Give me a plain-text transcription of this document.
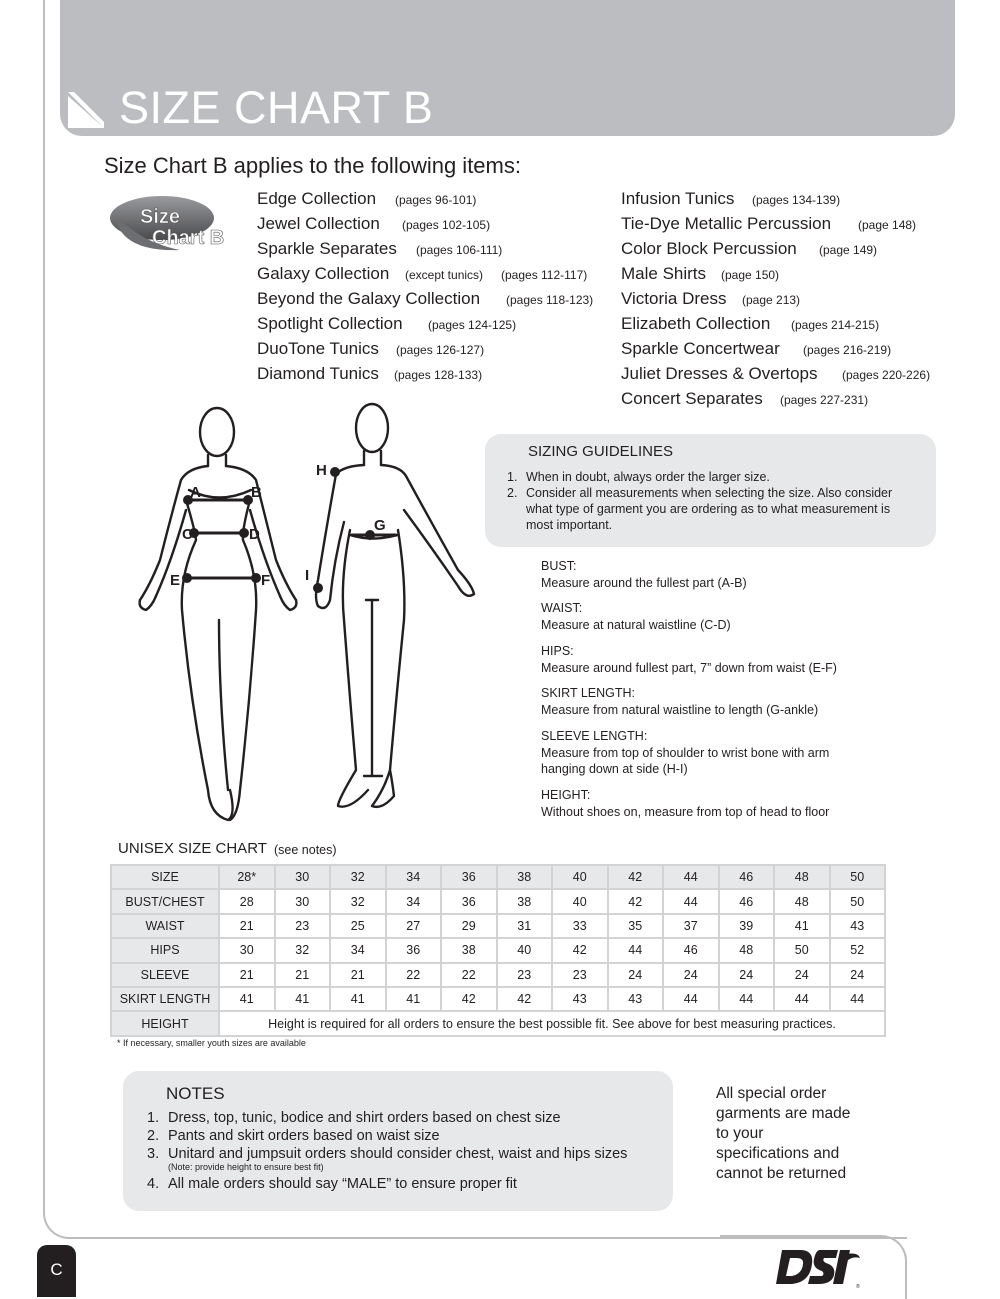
SIZE CHART B
Size Chart B applies to the following items:
Size
Chart B
Edge Collection (pages 96-101)
Jewel Collection (pages 102-105)
Sparkle Separates (pages 106-111)
Galaxy Collection (except tunics) (pages 112-117)
Beyond the Galaxy Collection (pages 118-123)
Spotlight Collection (pages 124-125)
DuoTone Tunics (pages 126-127)
Diamond Tunics (pages 128-133)
Infusion Tunics (pages 134-139)
Tie-Dye Metallic Percussion (page 148)
Color Block Percussion (page 149)
Male Shirts (page 150)
Victoria Dress (page 213)
Elizabeth Collection (pages 214-215)
Sparkle Concertwear (pages 216-219)
Juliet Dresses & Overtops (pages 220-226)
Concert Separates (pages 227-231)
A	B
C	D
E	F
G
H
I
SIZING GUIDELINES
1. When in doubt, always order the larger size.
2. Consider all measurements when selecting the size. Also consider
what type of garment you are ordering as to what measurement is
most important.
BUST:
Measure around the fullest part (A-B)
WAIST:
Measure at natural waistline (C-D)
HIPS:
Measure around fullest part, 7” down from waist (E-F)
SKIRT LENGTH:
Measure from natural waistline to length (G-ankle)
SLEEVE LENGTH:
Measure from top of shoulder to wrist bone with arm
hanging down at side (H-I)
HEIGHT:
Without shoes on, measure from top of head to floor
UNISEX SIZE CHART (see notes)
SIZE	28*	30	32	34	36	38	40	42	44	46	48	50
BUST/CHEST	28	30	32	34	36	38	40	42	44	46	48	50
WAIST	21	23	25	27	29	31	33	35	37	39	41	43
HIPS	30	32	34	36	38	40	42	44	46	48	50	52
SLEEVE	21	21	21	22	22	23	23	24	24	24	24	24
SKIRT LENGTH	41	41	41	41	42	42	43	43	44	44	44	44
HEIGHT	Height is required for all orders to ensure the best possible fit. See above for best measuring practices.											
* If necessary, smaller youth sizes are available
NOTES
1. Dress, top, tunic, bodice and shirt orders based on chest size
2. Pants and skirt orders based on waist size
3. Unitard and jumpsuit orders should consider chest, waist and hips sizes
(Note: provide height to ensure best fit)
4. All male orders should say “MALE” to ensure proper fit
All special order garments are made to your specifications and cannot be returned
C
®
